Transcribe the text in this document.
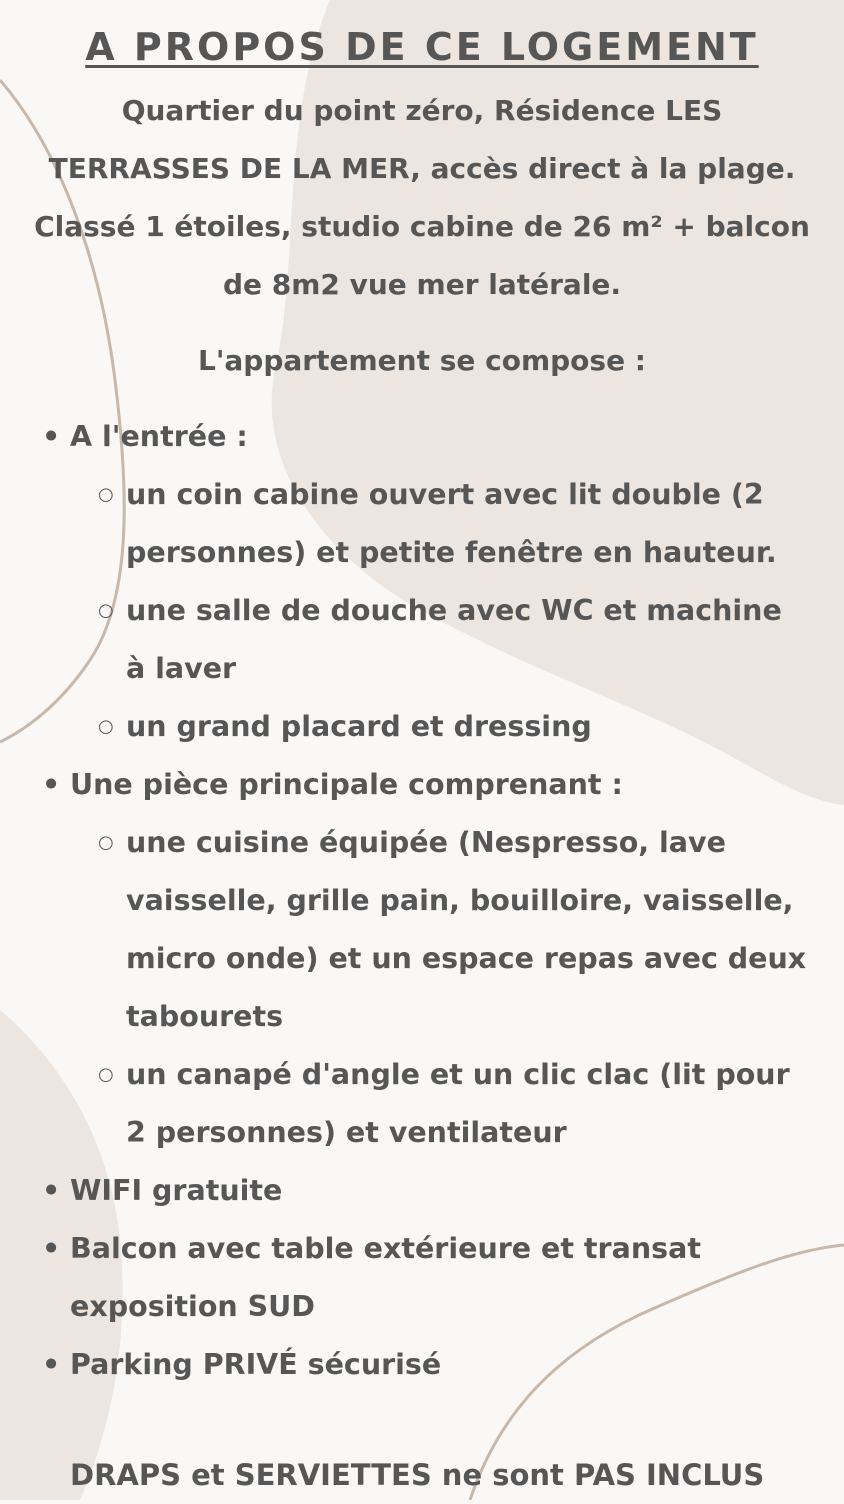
A PROPOS DE CE LOGEMENT
Quartier du point zéro, Résidence LES
TERRASSES DE LA MER, accès direct à la plage.
Classé 1 étoiles, studio cabine de 26 m² + balcon
de 8m2 vue mer latérale.
L'appartement se compose :
• A l'entrée :
○ un coin cabine ouvert avec lit double (2
personnes) et petite fenêtre en hauteur.
○ une salle de douche avec WC et machine
à laver
○ un grand placard et dressing
• Une pièce principale comprenant :
○ une cuisine équipée (Nespresso, lave
vaisselle, grille pain, bouilloire, vaisselle,
micro onde) et un espace repas avec deux
tabourets
○ un canapé d'angle et un clic clac (lit pour
2 personnes) et ventilateur
• WIFI gratuite
• Balcon avec table extérieure et transat
exposition SUD
• Parking PRIVÉ sécurisé
DRAPS et SERVIETTES ne sont PAS INCLUS
